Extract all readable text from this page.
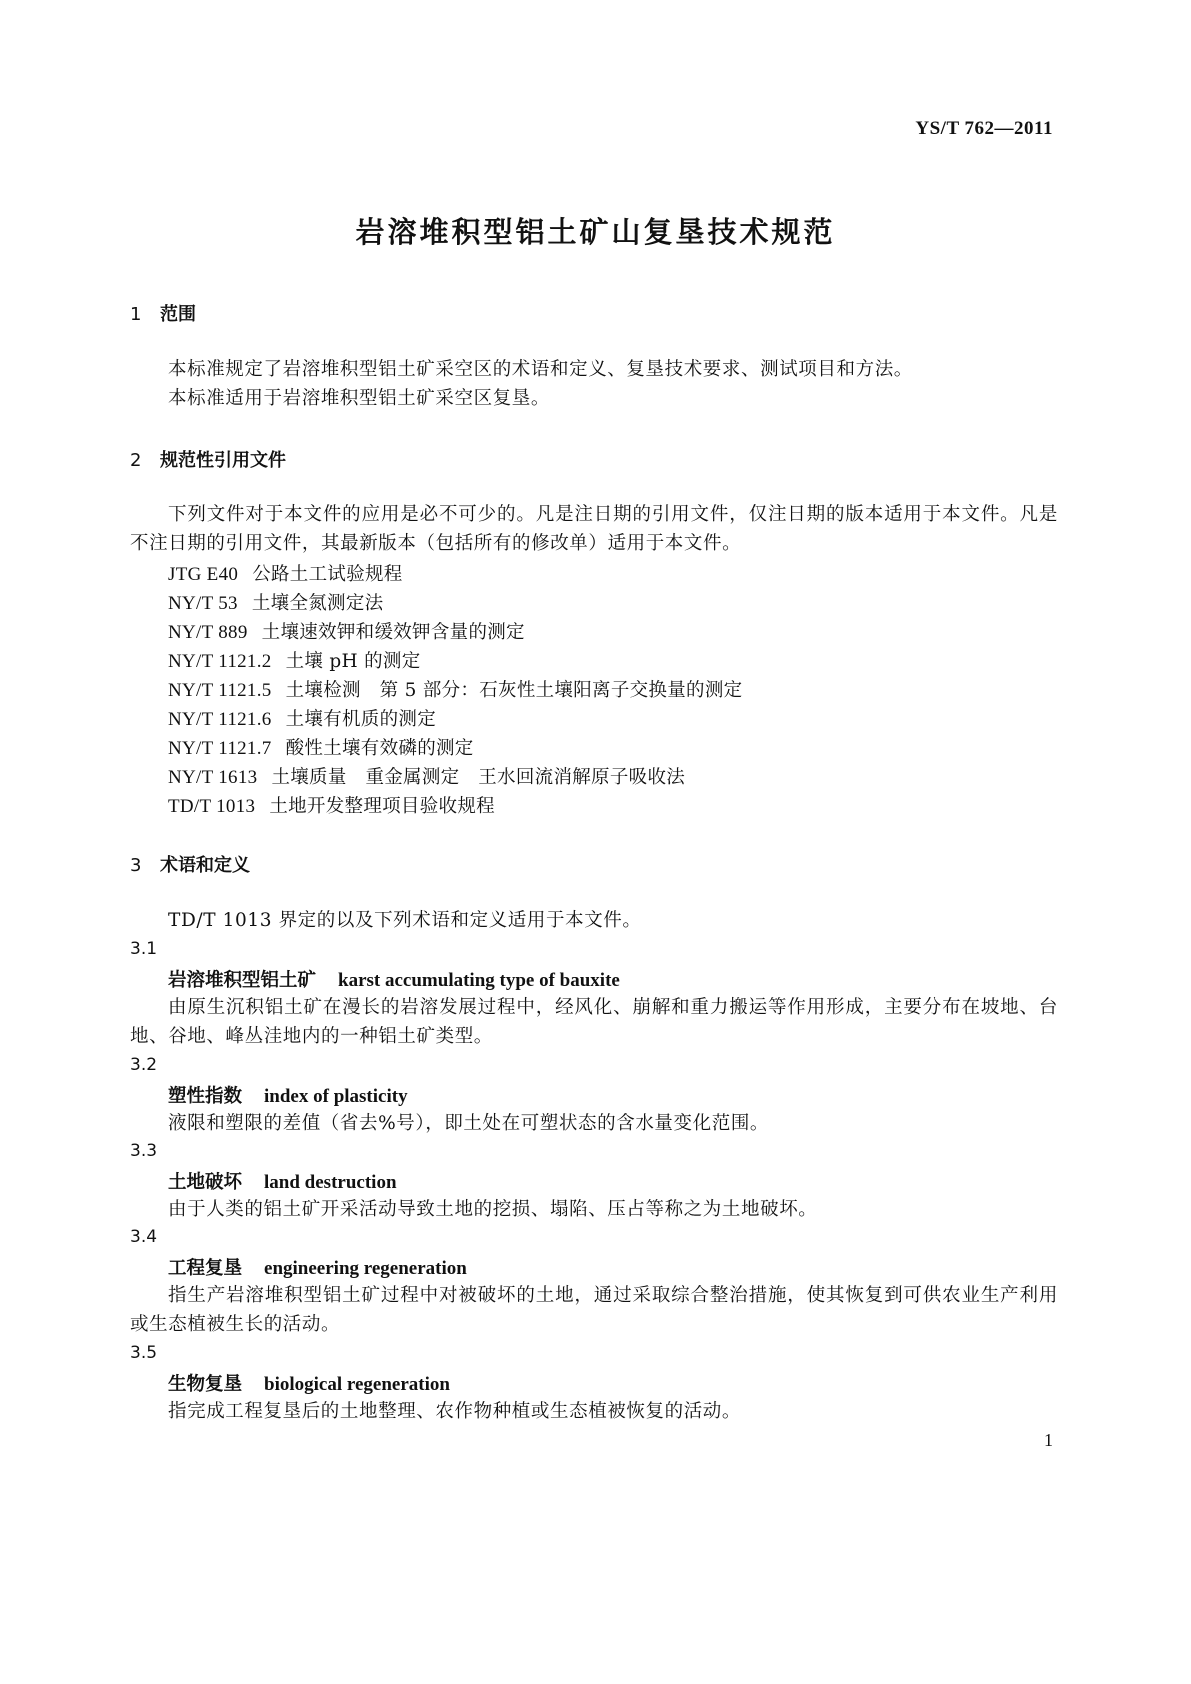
YS/T 762—2011
岩溶堆积型铝土矿山复垦技术规范
1 范围
本标准规定了岩溶堆积型铝土矿采空区的术语和定义、复垦技术要求、测试项目和方法。
本标准适用于岩溶堆积型铝土矿采空区复垦。
2 规范性引用文件
下列文件对于本文件的应用是必不可少的。凡是注日期的引用文件，仅注日期的版本适用于本文件。凡是不注日期的引用文件，其最新版本（包括所有的修改单）适用于本文件。
JTG E40 公路土工试验规程
NY/T 53 土壤全氮测定法
NY/T 889 土壤速效钾和缓效钾含量的测定
NY/T 1121.2 土壤 pH 的测定
NY/T 1121.5 土壤检测　第 5 部分：石灰性土壤阳离子交换量的测定
NY/T 1121.6 土壤有机质的测定
NY/T 1121.7 酸性土壤有效磷的测定
NY/T 1613 土壤质量　重金属测定　王水回流消解原子吸收法
TD/T 1013 土地开发整理项目验收规程
3 术语和定义
TD/T 1013 界定的以及下列术语和定义适用于本文件。
3.1
岩溶堆积型铝土矿 karst accumulating type of bauxite
由原生沉积铝土矿在漫长的岩溶发展过程中，经风化、崩解和重力搬运等作用形成，主要分布在坡地、台地、谷地、峰丛洼地内的一种铝土矿类型。
3.2
塑性指数 index of plasticity
液限和塑限的差值（省去%号），即土处在可塑状态的含水量变化范围。
3.3
土地破坏 land destruction
由于人类的铝土矿开采活动导致土地的挖损、塌陷、压占等称之为土地破坏。
3.4
工程复垦 engineering regeneration
指生产岩溶堆积型铝土矿过程中对被破坏的土地，通过采取综合整治措施，使其恢复到可供农业生产利用或生态植被生长的活动。
3.5
生物复垦 biological regeneration
指完成工程复垦后的土地整理、农作物种植或生态植被恢复的活动。
1
